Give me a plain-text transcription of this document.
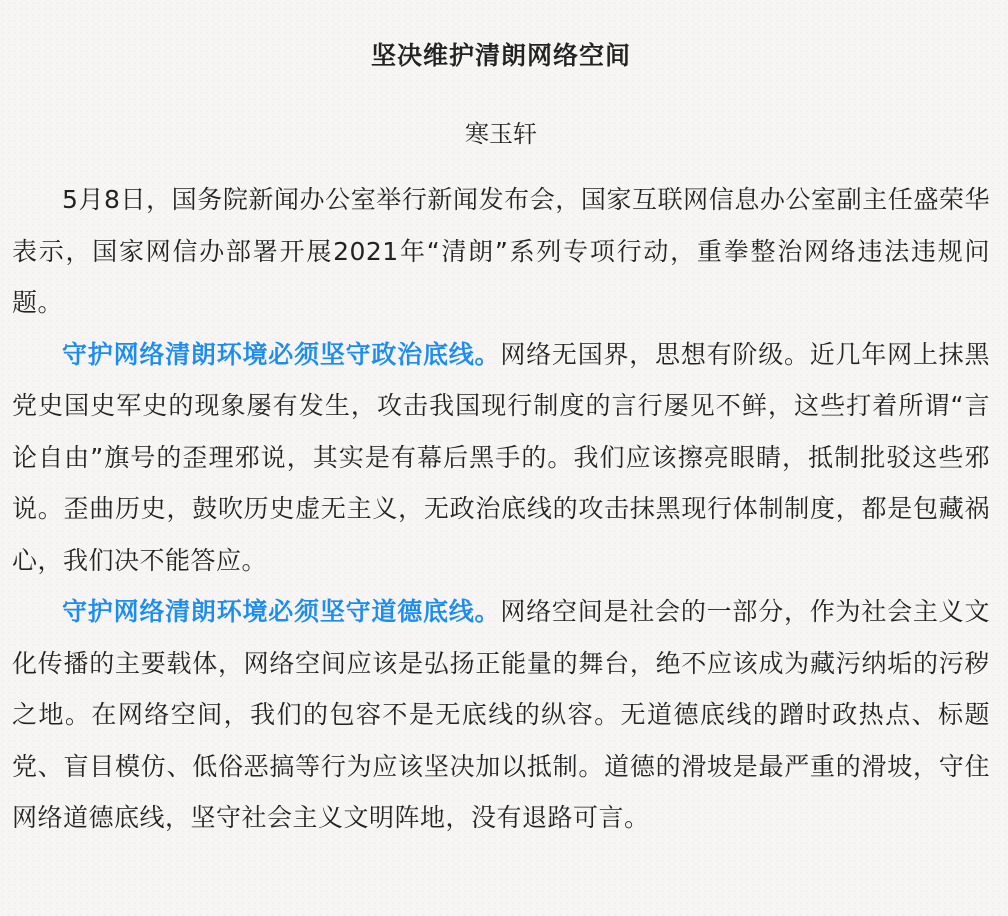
坚决维护清朗网络空间
寒玉轩

5月8日，国务院新闻办公室举行新闻发布会，国家互联网信息办公室副主任盛荣华表示，国家网信办部署开展2021年“清朗”系列专项行动，重拳整治网络违法违规问题。

守护网络清朗环境必须坚守政治底线。网络无国界，思想有阶级。近几年网上抹黑党史国史军史的现象屡有发生，攻击我国现行制度的言行屡见不鲜，这些打着所谓“言论自由”旗号的歪理邪说，其实是有幕后黑手的。我们应该擦亮眼睛，抵制批驳这些邪说。歪曲历史，鼓吹历史虚无主义，无政治底线的攻击抹黑现行体制制度，都是包藏祸心，我们决不能答应。

守护网络清朗环境必须坚守道德底线。网络空间是社会的一部分，作为社会主义文化传播的主要载体，网络空间应该是弘扬正能量的舞台，绝不应该成为藏污纳垢的污秽之地。在网络空间，我们的包容不是无底线的纵容。无道德底线的蹭时政热点、标题党、盲目模仿、低俗恶搞等行为应该坚决加以抵制。道德的滑坡是最严重的滑坡，守住网络道德底线，坚守社会主义文明阵地，没有退路可言。
